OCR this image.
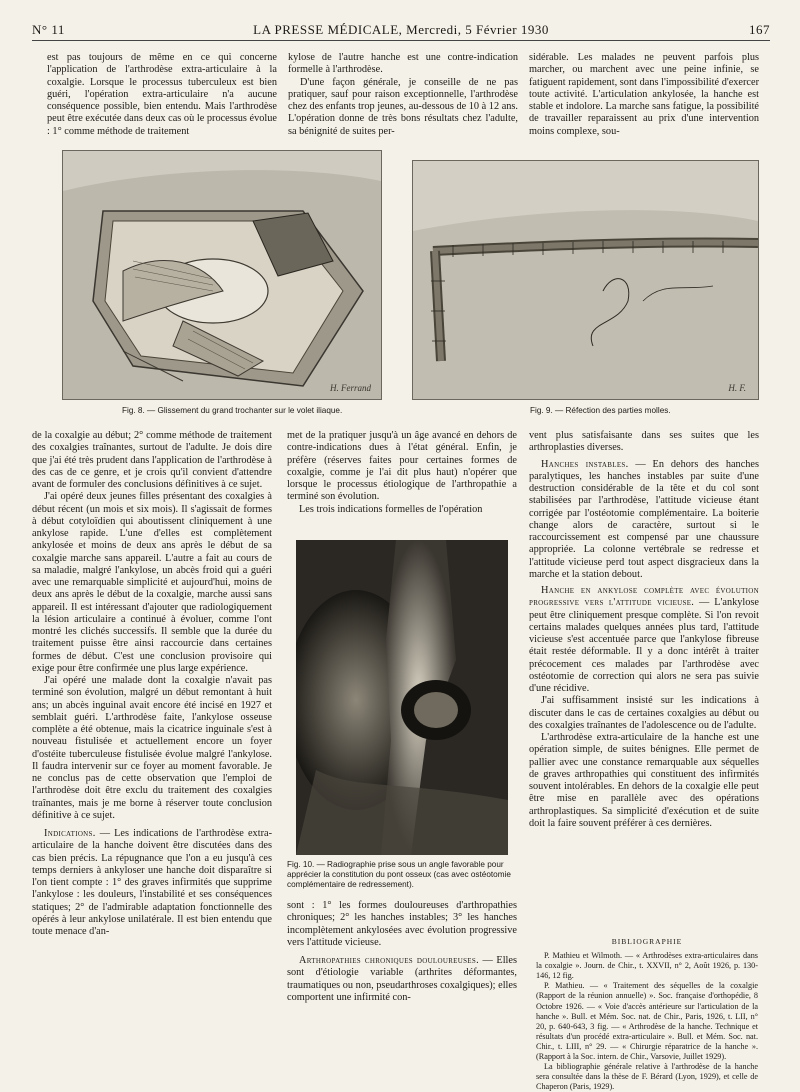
N° 11	LA PRESSE MÉDICALE, Mercredi, 5 Février 1930	167

est pas toujours de même en ce qui concerne l'application de l'arthrodèse extra-articulaire à la coxalgie. Lorsque le processus tuberculeux est bien guéri, l'opération extra-articulaire n'a aucune conséquence possible, bien entendu. Mais l'arthrodèse peut être exécutée dans deux cas où le processus évolue : 1° comme méthode de traitement

kylose de l'autre hanche est une contre-indication formelle à l'arthrodèse.

D'une façon générale, je conseille de ne pas pratiquer, sauf pour raison exceptionnelle, l'arthrodèse chez des enfants trop jeunes, au-dessous de 10 à 12 ans. L'opération donne de très bons résultats chez l'adulte, sa bénignité de suites per-

sidérable. Les malades ne peuvent parfois plus marcher, ou marchent avec une peine infinie, se fatiguent rapidement, sont dans l'impossibilité d'exercer toute activité. L'articulation ankylosée, la hanche est stable et indolore. La marche sans fatigue, la possibilité de travailler reparaissent au prix d'une intervention moins complexe, sou-

H. Ferrand
Fig. 8. — Glissement du grand trochanter sur le volet iliaque.
H. F.
Fig. 9. — Réfection des parties molles.

de la coxalgie au début; 2° comme méthode de traitement des coxalgies traînantes, surtout de l'adulte. Je dois dire que j'ai été très prudent dans l'application de l'arthrodèse à des cas de ce genre, et je crois qu'il convient d'attendre avant de formuler des conclusions définitives à ce sujet.

J'ai opéré deux jeunes filles présentant des coxalgies à début récent (un mois et six mois). Il s'agissait de formes à début cotyloïdien qui aboutissent cliniquement à une ankylose rapide. L'une d'elles est complètement ankylosée et moins de deux ans après le début de sa coxalgie marche sans appareil. L'autre a fait au cours de sa maladie, malgré l'ankylose, un abcès froid qui a guéri avec une remarquable simplicité et aujourd'hui, moins de deux ans après le début de la coxalgie, marche aussi sans appareil. Il est intéressant d'ajouter que radiologiquement la lésion articulaire a continué à évoluer, comme l'ont montré les clichés successifs. Il semble que la durée du traitement puisse être ainsi raccourcie dans certaines formes de début. C'est une conclusion provisoire qui exige pour être confirmée une plus large expérience.

J'ai opéré une malade dont la coxalgie n'avait pas terminé son évolution, malgré un début remontant à huit ans; un abcès inguinal avait encore été incisé en 1927 et semblait guéri. L'arthrodèse faite, l'ankylose osseuse complète a été obtenue, mais la cicatrice inguinale s'est à nouveau fistulisée et actuellement encore un foyer d'ostéite tuberculeuse fistulisée évolue malgré l'ankylose. Il faudra intervenir sur ce foyer au moment favorable. Je ne conclus pas de cette observation que l'emploi de l'arthrodèse doit être exclu du traitement des coxalgies traînantes, mais je me borne à réserver toute conclusion définitive à ce sujet.

Indications. — Les indications de l'arthrodèse extra-articulaire de la hanche doivent être discutées dans des cas bien précis. La répugnance que l'on a eu jusqu'à ces temps derniers à ankyloser une hanche doit disparaître si l'on tient compte : 1° des graves infirmités que supprime l'ankylose : les douleurs, l'instabilité et ses conséquences statiques; 2° de l'admirable adaptation fonctionnelle des opérés à leur ankylose unilatérale. Il est bien entendu que toute menace d'an-

met de la pratiquer jusqu'à un âge avancé en dehors de contre-indications dues à l'état général. Enfin, je préfère (réserves faites pour certaines formes de coxalgie, comme je l'ai dit plus haut) n'opérer que lorsque le processus étiologique de l'arthropathie a terminé son évolution.

Les trois indications formelles de l'opération

Fig. 10. — Radiographie prise sous un angle favorable pour apprécier la constitution du pont osseux (cas avec ostéotomie complémentaire de redressement).

sont : 1° les formes douloureuses d'arthropathies chroniques; 2° les hanches instables; 3° les hanches incomplètement ankylosées avec évolution progressive vers l'attitude vicieuse.

Arthropathies chroniques douloureuses. — Elles sont d'étiologie variable (arthrites déformantes, traumatiques ou non, pseudarthroses coxalgiques); elles comportent une infirmité con-

vent plus satisfaisante dans ses suites que les arthroplasties diverses.

Hanches instables. — En dehors des hanches paralytiques, les hanches instables par suite d'une destruction considérable de la tête et du col sont stabilisées par l'arthrodèse, l'attitude vicieuse étant corrigée par l'ostéotomie complémentaire. La boiterie change alors de caractère, surtout si le raccourcissement est compensé par une chaussure appropriée. La colonne vertébrale se redresse et l'attitude vicieuse perd tout aspect disgracieux dans la marche et la station debout.

Hanche en ankylose complète avec évolution progressive vers l'attitude vicieuse. — L'ankylose peut être cliniquement presque complète. Si l'on revoit certains malades quelques années plus tard, l'attitude vicieuse s'est accentuée parce que l'ankylose fibreuse était restée déformable. Il y a donc intérêt à traiter précocement ces malades par l'arthrodèse avec ostéotomie de correction qui alors ne sera pas suivie d'une récidive.

J'ai suffisamment insisté sur les indications à discuter dans le cas de certaines coxalgies au début ou des coxalgies traînantes de l'adolescence ou de l'adulte.

L'arthrodèse extra-articulaire de la hanche est une opération simple, de suites bénignes. Elle permet de pallier avec une constance remarquable aux séquelles de graves arthropathies qui constituent des infirmités souvent intolérables. En dehors de la coxalgie elle peut être mise en parallèle avec des opérations arthroplastiques. Sa simplicité d'exécution et de suite doit la faire souvent préférer à ces dernières.

BIBLIOGRAPHIE

P. Mathieu et Wilmoth. — « Arthrodèses extra-articulaires dans la coxalgie ». Journ. de Chir., t. XXVII, n° 2, Août 1926, p. 130-146, 12 fig.

P. Mathieu. — « Traitement des séquelles de la coxalgie (Rapport de la réunion annuelle) ». Soc. française d'orthopédie, 8 Octobre 1926. — « Voie d'accès antérieure sur l'articulation de la hanche ». Bull. et Mém. Soc. nat. de Chir., Paris, 1926, t. LII, n° 20, p. 640-643, 3 fig. — « Arthrodèse de la hanche. Technique et résultats d'un procédé extra-articulaire ». Bull. et Mém. Soc. nat. Chir., t. LIII, n° 29. — « Chirurgie réparatrice de la hanche ». (Rapport à la Soc. intern. de Chir., Varsovie, Juillet 1929).

La bibliographie générale relative à l'arthrodèse de la hanche sera consultée dans la thèse de F. Bérard (Lyon, 1929), et celle de Chaperon (Paris, 1929).
